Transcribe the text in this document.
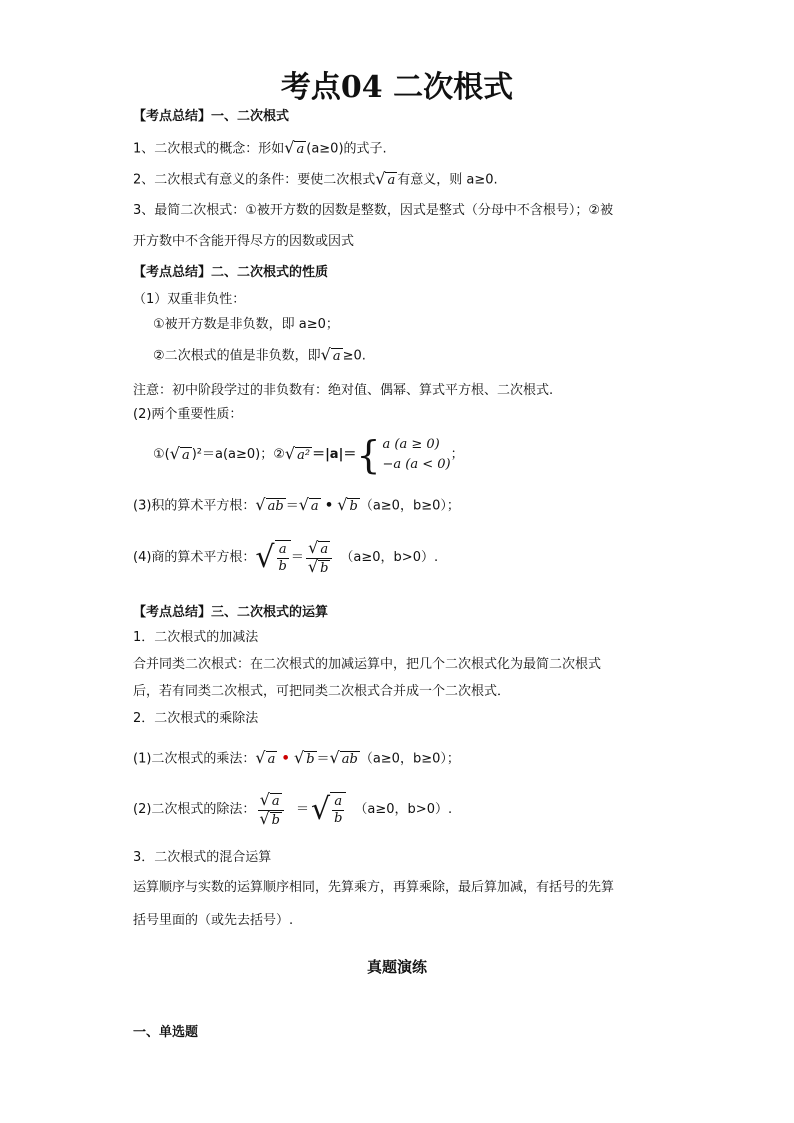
考点04 二次根式
【考点总结】一、二次根式
1、二次根式的概念：形如√ a (a≥0)的式子.
2、二次根式有意义的条件：要使二次根式√ a 有意义，则 a≥0.
3、最简二次根式：①被开方数的因数是整数，因式是整式（分母中不含根号）；②被
开方数中不含能开得尽方的因数或因式
【考点总结】二、二次根式的性质
（1）双重非负性：
①被开方数是非负数，即 a≥0；
②二次根式的值是非负数，即√ a ≥0.
注意：初中阶段学过的非负数有：绝对值、偶幂、算式平方根、二次根式.
(2)两个重要性质：
①( √ a )²＝a(a≥0)；② √ a² ＝|a|＝ { a (a ≥ 0)
−a (a < 0)
；
(3)积的算术平方根：√ ab ＝√ a • √ b （a≥0，b≥0）；
(4)商的算术平方根： √ $\frac{a}{b} = \frac{√ a}{√ b} (a\ge 0$，b>0）.
【考点总结】三、二次根式的运算
1．二次根式的加减法
合并同类二次根式：在二次根式的加减运算中，把几个二次根式化为最简二次根式
后，若有同类二次根式，可把同类二次根式合并成一个二次根式．
2．二次根式的乘除法
(1)二次根式的乘法：√ a • √ b ＝√ ab （a≥0，b≥0）；
(2)二次根式的除法： $\frac{√ a}{√ b}$ ＝ √ $\frac{a}{b} (a\ge 0$，b>0）.
3．二次根式的混合运算
运算顺序与实数的运算顺序相同，先算乘方，再算乘除，最后算加减，有括号的先算
括号里面的（或先去括号）.
真题演练
一、单选题
